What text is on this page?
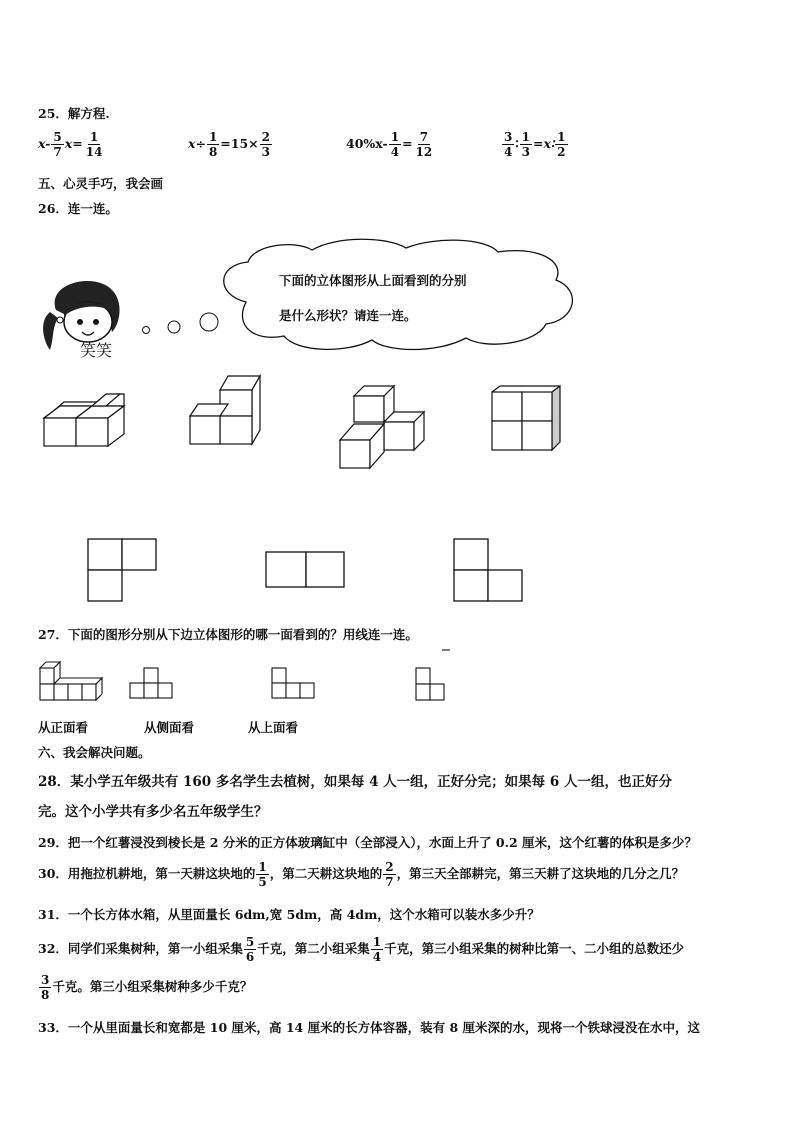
25．解方程.
$x- \frac{5}{7} x= \frac{1}{14}$	$x\div \frac{1}{8} =15\times \frac{2}{3}$	$40\%x- \frac{1}{4} = \frac{7}{12}$	$\frac{3}{4}$ ∶ $\frac{1}{3}$ =x∶ $\frac{1}{2}$
五、心灵手巧，我会画
26．连一连。
笑笑
下面的立体图形从上面看到的分别
是什么形状？请连一连。
27．下面的图形分别从下边立体图形的哪一面看到的？用线连一连。
从正面看	从侧面看	从上面看
六、我会解决问题。
28．某小学五年级共有 160 多名学生去植树，如果每 4 人一组，正好分完；如果每 6 人一组，也正好分
完。这个小学共有多少名五年级学生？
29．把一个红薯浸没到棱长是 2 分米的正方体玻璃缸中（全部浸入），水面上升了 0.2 厘米，这个红薯的体积是多少？
30．用拖拉机耕地，第一天耕这块地的 $\frac{1}{5}$ ，第二天耕这块地的 $\frac{2}{7}$ ，第三天全部耕完，第三天耕了这块地的几分之几？
31．一个长方体水箱，从里面量长 6dm,宽 5dm，高 4dm，这个水箱可以装水多少升？
32．同学们采集树种，第一小组采集 $\frac{5}{6}$ 千克，第二小组采集 $\frac{1}{4}$ 千克，第三小组采集的树种比第一、二小组的总数还少
$\frac{3}{8}$ 千克。第三小组采集树种多少千克？
33．一个从里面量长和宽都是 10 厘米，高 14 厘米的长方体容器，装有 8 厘米深的水，现将一个铁球浸没在水中，这
